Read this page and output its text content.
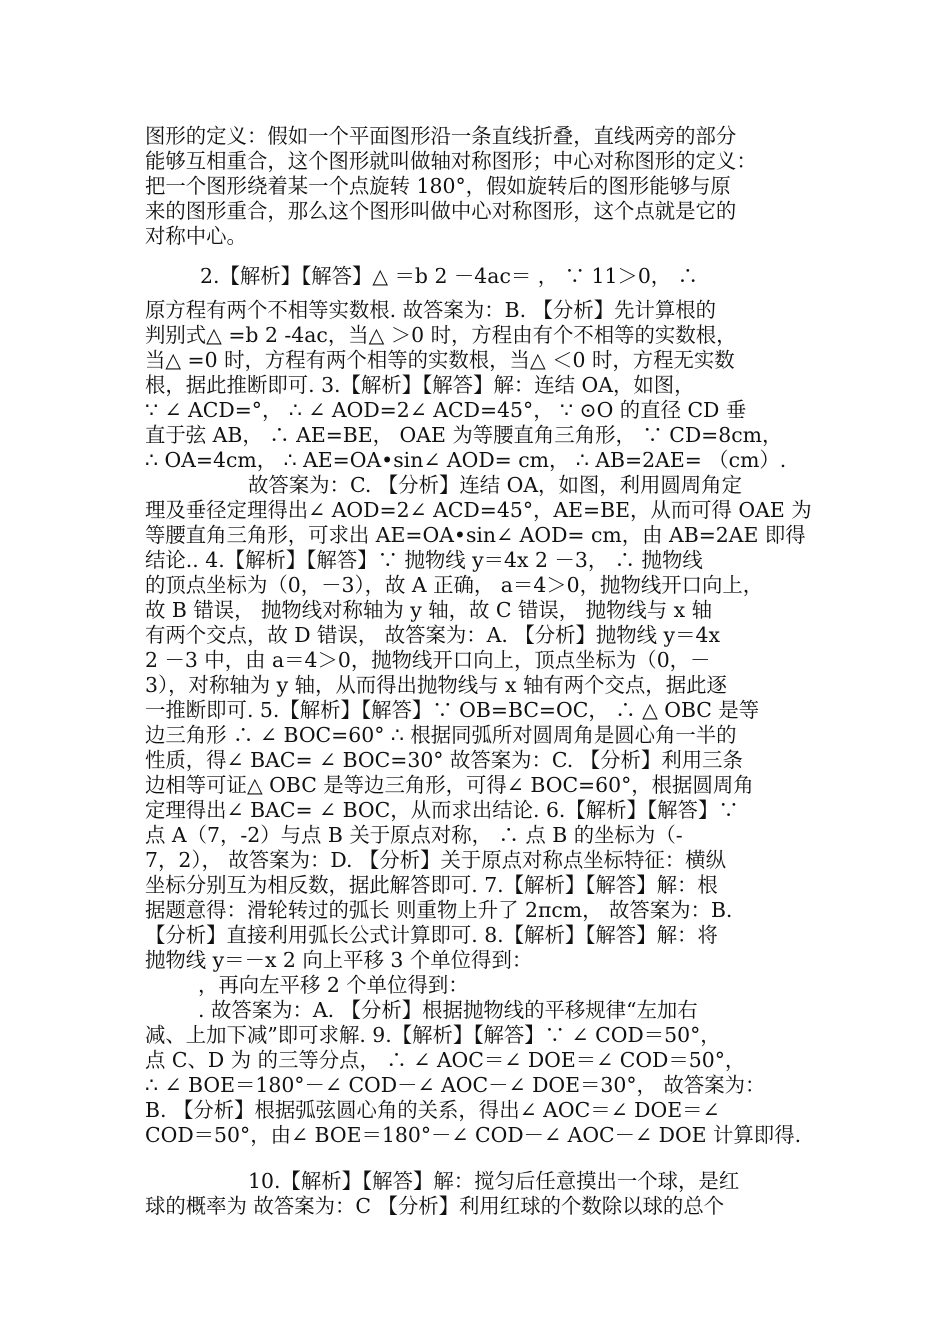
图形的定义：假如一个平面图形沿一条直线折叠，直线两旁的部分
能够互相重合，这个图形就叫做轴对称图形；中心对称图形的定义：
把一个图形绕着某一个点旋转 180°，假如旋转后的图形能够与原
来的图形重合，那么这个图形叫做中心对称图形，这个点就是它的
对称中心。
2.【解析】【解答】△ ＝b 2 －4ac＝ ， ∵ 11＞0， ∴
原方程有两个不相等实数根. 故答案为：B. 【分析】先计算根的
判别式△ =b 2 -4ac，当△ ＞0 时，方程由有个不相等的实数根，
当△ =0 时，方程有两个相等的实数根，当△ ＜0 时，方程无实数
根，据此推断即可. 3.【解析】【解答】解：连结 OA，如图，
∵ ∠ ACD=°， ∴ ∠ AOD=2∠ ACD=45°， ∵ ⊙O 的直径 CD 垂
直于弦 AB， ∴ AE=BE， OAE 为等腰直角三角形， ∵ CD=8cm，
∴ OA=4cm， ∴ AE=OA•sin∠ AOD= cm， ∴ AB=2AE= （cm）.
故答案为：C. 【分析】连结 OA，如图，利用圆周角定
理及垂径定理得出∠ AOD=2∠ ACD=45°，AE=BE，从而可得 OAE 为
等腰直角三角形，可求出 AE=OA•sin∠ AOD= cm，由 AB=2AE 即得
结论.. 4.【解析】【解答】∵ 抛物线 y＝4x 2 －3， ∴ 抛物线
的顶点坐标为（0，－3），故 A 正确， a＝4＞0，抛物线开口向上，
故 B 错误， 抛物线对称轴为 y 轴，故 C 错误， 抛物线与 x 轴
有两个交点，故 D 错误， 故答案为：A. 【分析】抛物线 y＝4x
2 －3 中，由 a＝4＞0，抛物线开口向上，顶点坐标为（0，－
3），对称轴为 y 轴，从而得出抛物线与 x 轴有两个交点，据此逐
一推断即可. 5.【解析】【解答】∵ OB=BC=OC， ∴ △ OBC 是等
边三角形 ∴ ∠ BOC=60° ∴ 根据同弧所对圆周角是圆心角一半的
性质，得∠ BAC= ∠ BOC=30° 故答案为：C. 【分析】利用三条
边相等可证△ OBC 是等边三角形，可得∠ BOC=60°，根据圆周角
定理得出∠ BAC= ∠ BOC，从而求出结论. 6.【解析】【解答】∵
点 A（7，-2）与点 B 关于原点对称， ∴ 点 B 的坐标为（-
7，2）， 故答案为：D. 【分析】关于原点对称点坐标特征：横纵
坐标分别互为相反数，据此解答即可. 7.【解析】【解答】解：根
据题意得：滑轮转过的弧长 则重物上升了 2πcm， 故答案为：B.
【分析】直接利用弧长公式计算即可. 8.【解析】【解答】解：将
抛物线 y＝－x 2 向上平移 3 个单位得到：
，再向左平移 2 个单位得到：
. 故答案为：A. 【分析】根据抛物线的平移规律“左加右
减、上加下减”即可求解. 9.【解析】【解答】∵ ∠ COD＝50°，
点 C、D 为 的三等分点， ∴ ∠ AOC＝∠ DOE＝∠ COD＝50°，
∴ ∠ BOE＝180°－∠ COD－∠ AOC－∠ DOE＝30°， 故答案为：
B. 【分析】根据弧弦圆心角的关系，得出∠ AOC＝∠ DOE＝∠
COD＝50°，由∠ BOE＝180°－∠ COD－∠ AOC－∠ DOE 计算即得.
10.【解析】【解答】解：搅匀后任意摸出一个球，是红
球的概率为 故答案为：C 【分析】利用红球的个数除以球的总个
